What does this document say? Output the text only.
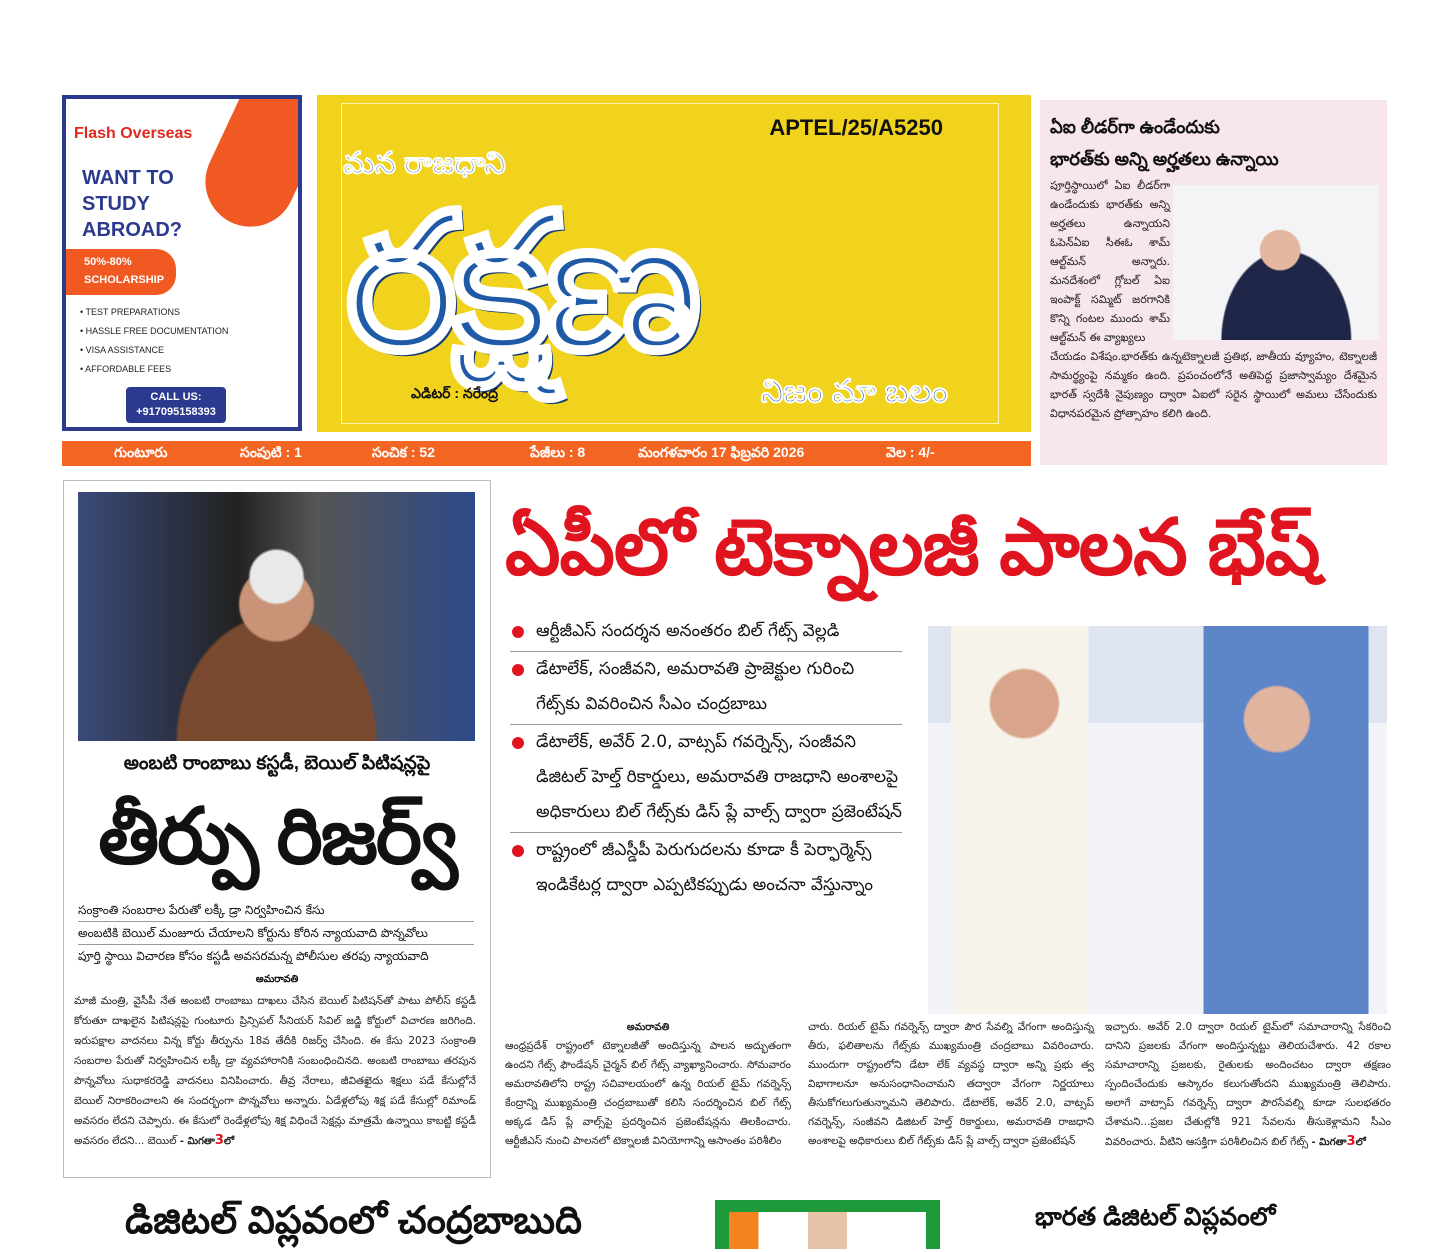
Flash Overseas
WANT TO STUDY ABROAD?
50%-80% SCHOLARSHIP
• TEST PREPARATIONS
• HASSLE FREE DOCUMENTATION
• VISA ASSISTANCE
• AFFORDABLE FEES
CALL US:
+917095158393
APTEL/25/A5250
మన రాజధాని
రక్షణ
ఎడిటర్ : నరేంద్ర	నిజం మా బలం
గుంటూరు	సంపుటి : 1	సంచిక : 52	పేజీలు : 8	మంగళవారం 17 ఫిబ్రవరి 2026	వెల : 4/-
ఏఐ లీడర్‌గా ఉండేందుకు
భారత్‌కు అన్ని అర్హతలు ఉన్నాయి
పూర్తిస్థాయిలో ఏఐ లీడర్‌గా ఉండేందుకు భారత్‌కు అన్ని అర్హతలు ఉన్నాయని ఓపెన్‌ఏఐ సీఈఓ శామ్ ఆల్ట్‌మన్ అన్నారు. మనదేశంలో గ్లోబల్ ఏఐ ఇంపాక్ట్ సమ్మిట్ జరగానికి కొన్ని గంటల ముందు శామ్ ఆల్ట్‌మన్ ఈ వ్యాఖ్యలు
చేయడం విశేషం.భారత్‌కు ఉన్నటెక్నాలజీ ప్రతిభ, జాతీయ వ్యూహం, టెక్నాలజీ సామర్థ్యంపై నమ్మకం ఉంది. ప్రపంచంలోనే అతిపెద్ద ప్రజాస్వామ్యం దేశమైన భారత్ స్వదేశీ నైపుణ్యం ద్వారా ఏఐలో సరైన స్థాయిలో అమలు చేసేందుకు విధానపరమైన ప్రోత్సాహం కలిగి ఉంది.
అంబటి రాంబాబు కస్టడీ, బెయిల్ పిటిషన్లపై
తీర్పు రిజర్వ్
సంక్రాంతి సంబరాల పేరుతో లక్కీ డ్రా నిర్వహించిన కేసు
అంబటికి బెయిల్ మంజూరు చేయాలని కోర్టును కోరిన న్యాయవాది పొన్నవోలు
పూర్తి స్థాయి విచారణ కోసం కస్టడీ అవసరమన్న పోలీసుల తరపు న్యాయవాది
అమరావతి
మాజీ మంత్రి, వైసీపీ నేత అంబటి రాంబాబు దాఖలు చేసిన బెయిల్ పిటిషన్‌తో పాటు పోలీస్ కస్టడీ కోరుతూ దాఖలైన పిటిషన్లపై గుంటూరు ప్రిన్సిపల్ సీనియర్ సివిల్ జడ్జి కోర్టులో విచారణ జరిగింది. ఇరుపక్షాల వాదనలు విన్న కోర్టు తీర్పును 18వ తేదీకి రిజర్వ్ చేసింది. ఈ కేసు 2023 సంక్రాంతి సంబరాల పేరుతో నిర్వహించిన లక్కీ డ్రా వ్యవహారానికి సంబంధించినది. అంబటి రాంబాబు తరపున పొన్నవోలు సుధాకరరెడ్డి వాదనలు వినిపించారు. తీవ్ర నేరాలు, జీవితఖైదు శిక్షలు పడే కేసుల్లోనే బెయిల్ నిరాకరించాలని ఈ సందర్భంగా పొన్నవోలు అన్నారు. ఏడేళ్లలోపు శిక్ష పడే కేసుల్లో రిమాండ్ అవసరం లేదని చెప్పారు. ఈ కేసులో రెండేళ్లలోపు శిక్ష విధించే సెక్షన్లు మాత్రమే ఉన్నాయి కాబట్టి కస్టడీ అవసరం లేదని... బెయిల్ - మిగతా3లో
ఏపీలో టెక్నాలజీ పాలన భేష్
ఆర్టీజీఎస్ సందర్శన అనంతరం బిల్ గేట్స్ వెల్లడి
డేటాలేక్, సంజీవని, అమరావతి ప్రాజెక్టుల గురించి గేట్స్‌కు వివరించిన సీఎం చంద్రబాబు
డేటాలేక్, అవేర్ 2.0, వాట్సప్ గవర్నెన్స్, సంజీవని డిజిటల్ హెల్త్ రికార్డులు, అమరావతి రాజధాని అంశాలపై అధికారులు బిల్ గేట్స్‌కు డిస్ ప్లే వాల్స్ ద్వారా ప్రజెంటేషన్
రాష్ట్రంలో జీఎస్డీపీ పెరుగుదలను కూడా కీ పెర్ఫార్మెన్స్ ఇండికేటర్ల ద్వారా ఎప్పటికప్పుడు అంచనా వేస్తున్నాం
అమరావతి
ఆంధ్రప్రదేశ్ రాష్ట్రంలో టెక్నాలజీతో అందిస్తున్న పాలన అద్భుతంగా ఉందని గేట్స్ ఫౌండేషన్ చైర్మన్ బిల్ గేట్స్ వ్యాఖ్యానించారు. సోమవారం అమరావతిలోని రాష్ట్ర సచివాలయంలో ఉన్న రియల్ టైమ్ గవర్నెన్స్ కేంద్రాన్ని ముఖ్యమంత్రి చంద్రబాబుతో కలిసి సందర్శించిన బిల్ గేట్స్ అక్కడ డిస్ ప్లే వాల్స్‌పై ప్రదర్శించిన ప్రజెంటేషన్లను తిలకించారు. ఆర్టీజీఎస్ నుంచి పాలనలో టెక్నాలజీ వినియోగాన్ని ఆసాంతం పరిశీలిం
చారు. రియల్ టైమ్ గవర్నెన్స్ ద్వారా పౌర సేవల్ని వేగంగా అందిస్తున్న తీరు, ఫలితాలను గేట్స్‌కు ముఖ్యమంత్రి చంద్రబాబు వివరించారు. ముందుగా రాష్ట్రంలోని డేటా లేక్ వ్యవస్థ ద్వారా అన్ని ప్రభు త్వ విభాగాలనూ అనుసంధానించామని తద్వారా వేగంగా నిర్ణయాలు తీసుకోగలుగుతున్నామని తెలిపారు. డేటాలేక్, అవేర్ 2.0, వాట్సప్ గవర్నెన్స్, సంజీవని డిజిటల్ హెల్త్ రికార్డులు, అమరావతి రాజధాని అంశాలపై అధికారులు బిల్ గేట్స్‌కు డిస్ ప్లే వాల్స్ ద్వారా ప్రజెంటేషన్
ఇచ్చారు. అవేర్ 2.0 ద్వారా రియల్ టైమ్‌లో సమాచారాన్ని సేకరించి దానిని ప్రజలకు వేగంగా అందిస్తున్నట్టు తెలియచేశారు. 42 రకాల సమాచారాన్ని ప్రజలకు, రైతులకు అందించటం ద్వారా తక్షణం స్పందించేందుకు ఆస్కారం కలుగుతోందని ముఖ్యమంత్రి తెలిపారు. అలాగే వాట్సాప్ గవర్నెన్స్ ద్వారా పౌరసేవల్ని కూడా సులభతరం చేశామని...ప్రజల చేతుల్లోకి 921 సేవలను తీసుకెళ్లామని సీఎం వివరించారు. వీటిని ఆసక్తిగా పరిశీలించిన బిల్ గేట్స్ - మిగతా3లో
డిజిటల్ విప్లవంలో చంద్రబాబుది	భారత డిజిటల్ విప్లవంలో
